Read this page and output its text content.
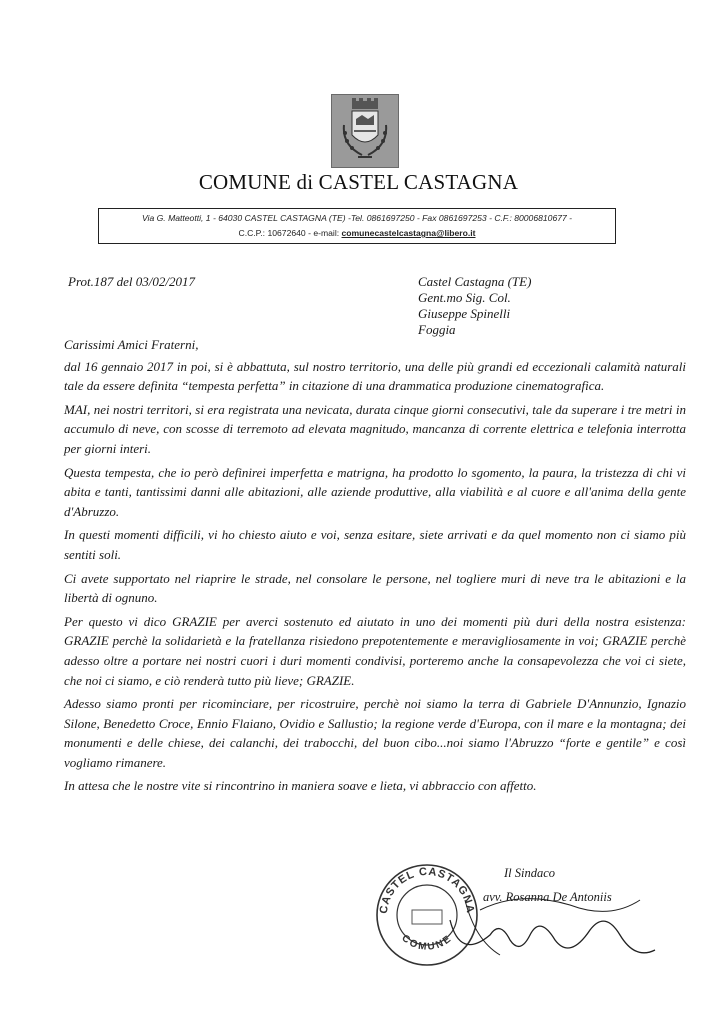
COMUNE di CASTEL CASTAGNA
Via G. Matteotti, 1 - 64030 CASTEL CASTAGNA (TE) -Tel. 0861697250 - Fax 0861697253 - C.F.: 80006810677 -
C.C.P.: 10672640 - e-mail: comunecastelcastagna@libero.it
Prot.187 del 03/02/2017	Castel Castagna (TE)
Gent.mo Sig. Col.
Giuseppe Spinelli
Foggia

Carissimi Amici Fraterni,

dal 16 gennaio 2017 in poi, si è abbattuta, sul nostro territorio, una delle più grandi ed eccezionali calamità naturali tale da essere definita “tempesta perfetta” in citazione di una drammatica produzione cinematografica.

MAI, nei nostri territori, si era registrata una nevicata, durata cinque giorni consecutivi, tale da superare i tre metri in accumulo di neve, con scosse di terremoto ad elevata magnitudo, mancanza di corrente elettrica e telefonia interrotta per giorni interi.

Questa tempesta, che io però definirei imperfetta e matrigna, ha prodotto lo sgomento, la paura, la tristezza di chi vi abita e tanti, tantissimi danni alle abitazioni, alle aziende produttive, alla viabilità e al cuore e all'anima della gente d'Abruzzo.

In questi momenti difficili, vi ho chiesto aiuto e voi, senza esitare, siete arrivati e da quel momento non ci siamo più sentiti soli.

Ci avete supportato nel riaprire le strade, nel consolare le persone, nel togliere muri di neve tra le abitazioni e la libertà di ognuno.

Per questo vi dico GRAZIE per averci sostenuto ed aiutato in uno dei momenti più duri della nostra esistenza: GRAZIE perchè la solidarietà e la fratellanza risiedono prepotentemente e meravigliosamente in voi; GRAZIE perchè adesso oltre a portare nei nostri cuori i duri momenti condivisi, porteremo anche la consapevolezza che voi ci siete, che noi ci siamo, e ciò renderà tutto più lieve; GRAZIE.

Adesso siamo pronti per ricominciare, per ricostruire, perchè noi siamo la terra di Gabriele D'Annunzio, Ignazio Silone, Benedetto Croce, Ennio Flaiano, Ovidio e Sallustio; la regione verde d'Europa, con il mare e la montagna; dei monumenti e delle chiese, dei calanchi, dei trabocchi, del buon cibo...noi siamo l'Abruzzo “forte e gentile” e così vogliamo rimanere.

In attesa che le nostre vite si rincontrino in maniera soave e lieta, vi abbraccio con affetto.

CASTEL CASTAGNA
COMUNE
Il Sindaco
avv. Rosanna De Antoniis
